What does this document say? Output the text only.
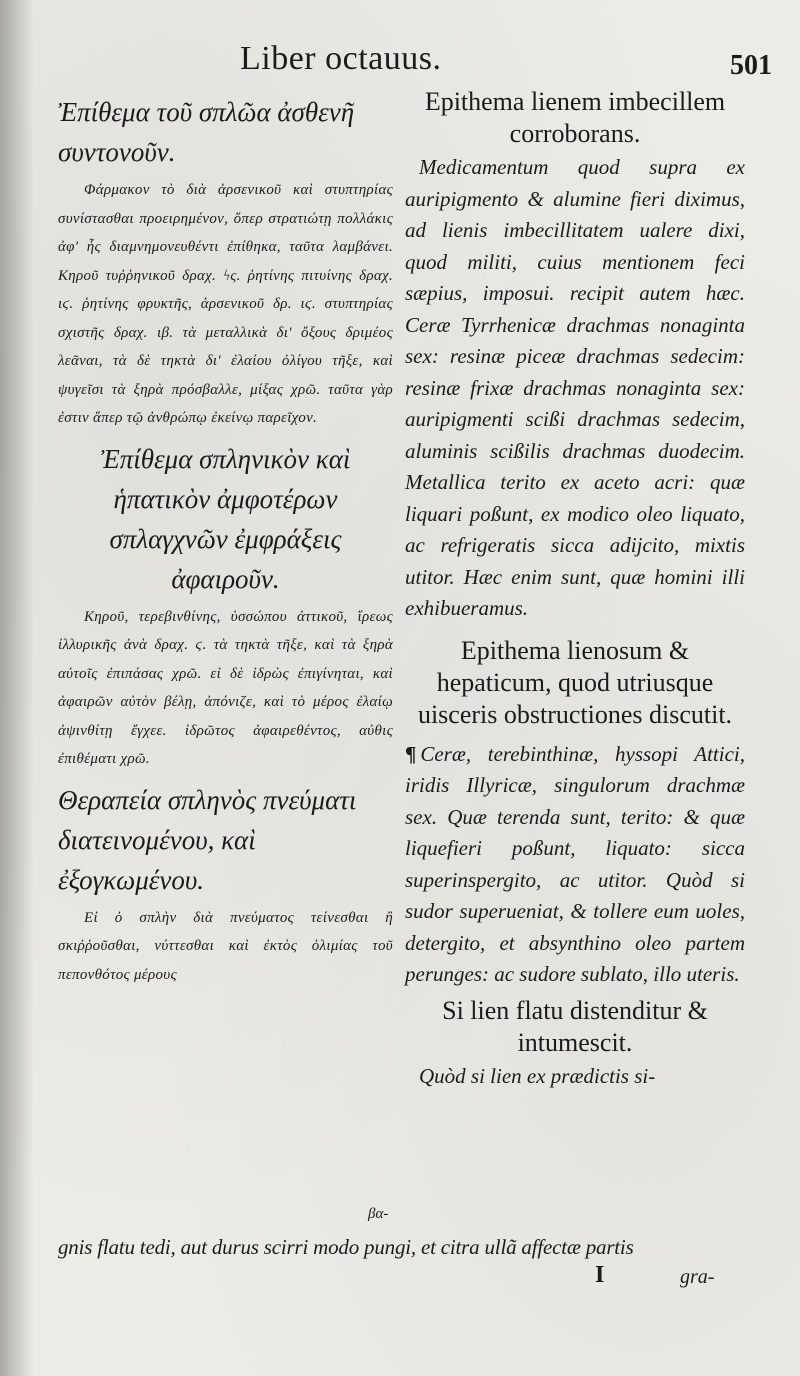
Liber octauus.	501

Ἐπίθεμα τοῦ σπλῶα ἀσθενῆ συντονοῦν.

Φάρμακον τὸ διὰ ἀρσενικοῦ καὶ στυπτηρίας συνίστασθαι προειρημένον, ὅπερ στρατιώτῃ πολλάκις ἀφ' ἧς διαμνημονευθέντι ἐπίθηκα, ταῦτα λαμβάνει. Κηροῦ τυῤῥηνικοῦ δραχ. ϟς. ῥητίνης πιτυίνης δραχ. ιϛ. ῥητίνης φρυκτῆς, ἀρσενικοῦ δρ. ιϛ. στυπτηρίας σχιστῆς δραχ. ιβ. τὰ μεταλλικὰ δι' ὄξους δριμέος λεᾶναι, τὰ δὲ τηκτὰ δι' ἐλαίου ὀλίγου τῆξε, καὶ ψυγεῖσι τὰ ξηρὰ πρόσβαλλε, μίξας χρῶ. ταῦτα γὰρ ἐστιν ἅπερ τῷ ἀνθρώπῳ ἐκείνῳ παρεῖχον.

Ἐπίθεμα σπληνικὸν καὶ ἡπατικὸν ἀμφοτέρων σπλαγχνῶν ἐμφράξεις ἀφαιροῦν.

Κηροῦ, τερεβινθίνης, ὑσσώπου ἀττικοῦ, ἴρεως ἰλλυρικῆς ἀνὰ δραχ. ϛ. τὰ τηκτὰ τῆξε, καὶ τὰ ξηρὰ αὐτοῖς ἐπιπάσας χρῶ. εἰ δὲ ἱδρὼς ἐπιγίνηται, καὶ ἀφαιρῶν αὐτὸν βέλῃ, ἀπόνιζε, καὶ τὸ μέρος ἐλαίῳ ἀψινθίτῃ ἔγχεε. ἱδρῶτος ἀφαιρεθέντος, αὐθις ἐπιθέματι χρῶ.

Θεραπεία σπληνὸς πνεύματι διατεινομένου, καὶ ἐξογκωμένου.

Εἰ ὁ σπλὴν διὰ πνεύματος τείνεσθαι ἢ σκιῤῥοῦσθαι, νύττεσθαι καὶ ἐκτὸς ὁλιμίας τοῦ πεπονθότος μέρους

βα-

Epithema lienem imbecillem corroborans.

Medicamentum quod supra ex auripigmento & alumine fieri diximus, ad lienis imbecillitatem ualere dixi, quod militi, cuius mentionem feci sæpius, imposui. recipit autem hæc. Ceræ Tyrrhenicæ drachmas nonaginta sex: resinæ piceæ drachmas sedecim: resinæ frixæ drachmas nonaginta sex: auripigmenti scißi drachmas sedecim, aluminis scißilis drachmas duodecim. Metallica terito ex aceto acri: quæ liquari poßunt, ex modico oleo liquato, ac refrigeratis sicca adijcito, mixtis utitor. Hæc enim sunt, quæ homini illi exhibueramus.

Epithema lienosum & hepaticum, quod utriusque uisceris obstructiones discutit.

¶ Ceræ, terebinthinæ, hyssopi Attici, iridis Illyricæ, singulorum drachmæ sex. Quæ terenda sunt, terito: & quæ liquefieri poßunt, liquato: sicca superinspergito, ac utitor. Quòd si sudor superueniat, & tollere eum uoles, detergito, et absynthino oleo partem perunges: ac sudore sublato, illo uteris.

Si lien flatu distenditur & intumescit.

Quòd si lien ex prædictis si-

gnis flatu tedi, aut durus scirri modo pungi, et citra ullã affectæ partis
I	gra-
